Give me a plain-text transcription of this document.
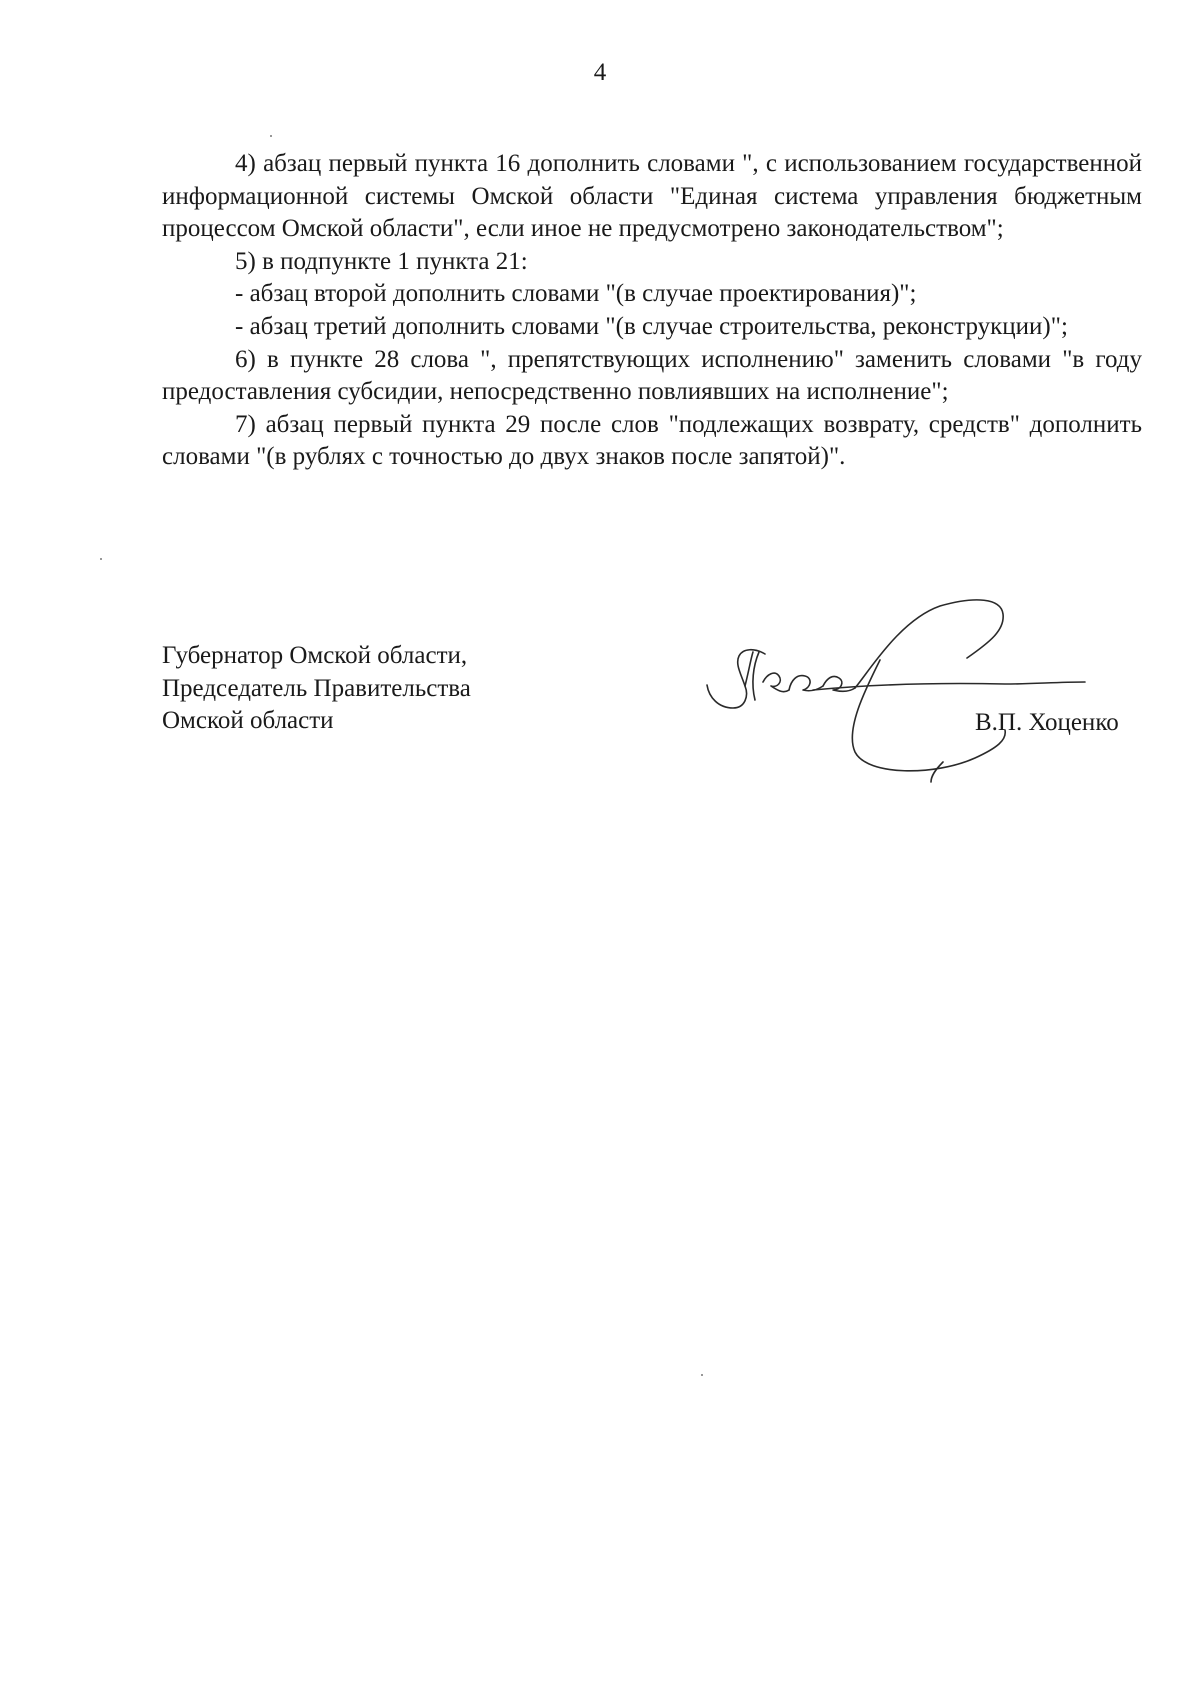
4

4) абзац первый пункта 16 дополнить словами ", с использованием государственной информационной системы Омской области "Единая система управления бюджетным процессом Омской области", если иное не предусмотрено законодательством";

5) в подпункте 1 пункта 21:

- абзац второй дополнить словами "(в случае проектирования)";

- абзац третий дополнить словами "(в случае строительства, реконструкции)";

6) в пункте 28 слова ", препятствующих исполнению" заменить словами "в году предоставления субсидии, непосредственно повлиявших на исполнение";

7) абзац первый пункта 29 после слов "подлежащих возврату, средств" дополнить словами "(в рублях с точностью до двух знаков после запятой)".

Губернатор Омской области,
Председатель Правительства
Омской области	В.П. Хоценко
